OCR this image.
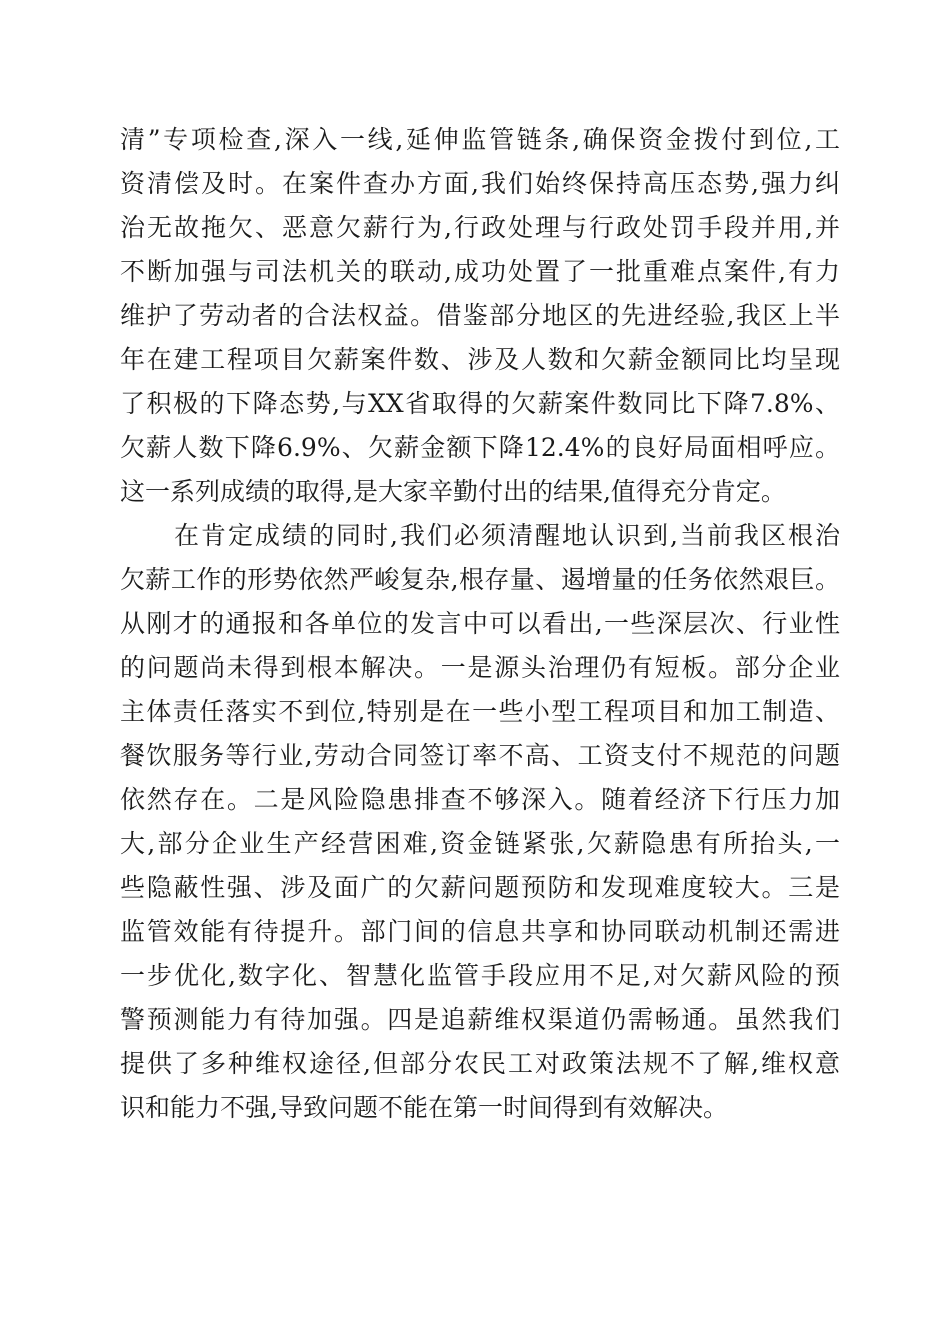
清”专项检查,深入一线,延伸监管链条,确保资金拨付到位,工
资清偿及时。在案件查办方面,我们始终保持高压态势,强力纠
治无故拖欠、恶意欠薪行为,行政处理与行政处罚手段并用,并
不断加强与司法机关的联动,成功处置了一批重难点案件,有力
维护了劳动者的合法权益。借鉴部分地区的先进经验,我区上半
年在建工程项目欠薪案件数、涉及人数和欠薪金额同比均呈现
了积极的下降态势,与XX省取得的欠薪案件数同比下降7.8%、
欠薪人数下降6.9%、欠薪金额下降12.4%的良好局面相呼应。
这一系列成绩的取得,是大家辛勤付出的结果,值得充分肯定。
　　在肯定成绩的同时,我们必须清醒地认识到,当前我区根治
欠薪工作的形势依然严峻复杂,根存量、遏增量的任务依然艰巨。
从刚才的通报和各单位的发言中可以看出,一些深层次、行业性
的问题尚未得到根本解决。一是源头治理仍有短板。部分企业
主体责任落实不到位,特别是在一些小型工程项目和加工制造、
餐饮服务等行业,劳动合同签订率不高、工资支付不规范的问题
依然存在。二是风险隐患排查不够深入。随着经济下行压力加
大,部分企业生产经营困难,资金链紧张,欠薪隐患有所抬头,一
些隐蔽性强、涉及面广的欠薪问题预防和发现难度较大。三是
监管效能有待提升。部门间的信息共享和协同联动机制还需进
一步优化,数字化、智慧化监管手段应用不足,对欠薪风险的预
警预测能力有待加强。四是追薪维权渠道仍需畅通。虽然我们
提供了多种维权途径,但部分农民工对政策法规不了解,维权意
识和能力不强,导致问题不能在第一时间得到有效解决。
